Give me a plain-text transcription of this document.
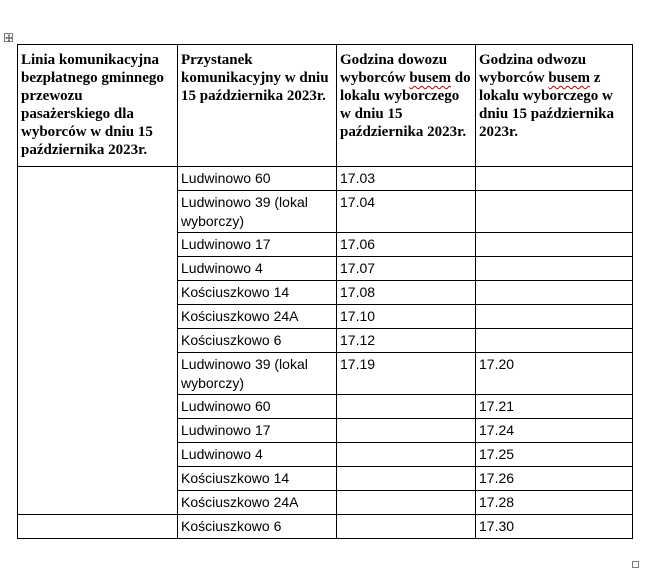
Linia komunikacyjna bezpłatnego gminnego przewozu pasażerskiego dla wyborców w dniu 15 października 2023r.	Przystanek komunikacyjny w dniu 15 października 2023r.	Godzina dowozu wyborców busem do lokalu wyborczego w dniu 15 października 2023r.	Godzina odwozu wyborców busem z lokalu wyborczego w dniu 15 października 2023r.
	Ludwinowo 60	17.03	
	Ludwinowo 39 (lokal wyborczy)	17.04	
	Ludwinowo 17	17.06	
	Ludwinowo 4	17.07	
	Kościuszkowo 14	17.08	
	Kościuszkowo 24A	17.10	
	Kościuszkowo 6	17.12	
	Ludwinowo 39 (lokal wyborczy)	17.19	17.20
	Ludwinowo 60		17.21
	Ludwinowo 17		17.24
	Ludwinowo 4		17.25
	Kościuszkowo 14		17.26
	Kościuszkowo 24A		17.28
	Kościuszkowo 6		17.30
